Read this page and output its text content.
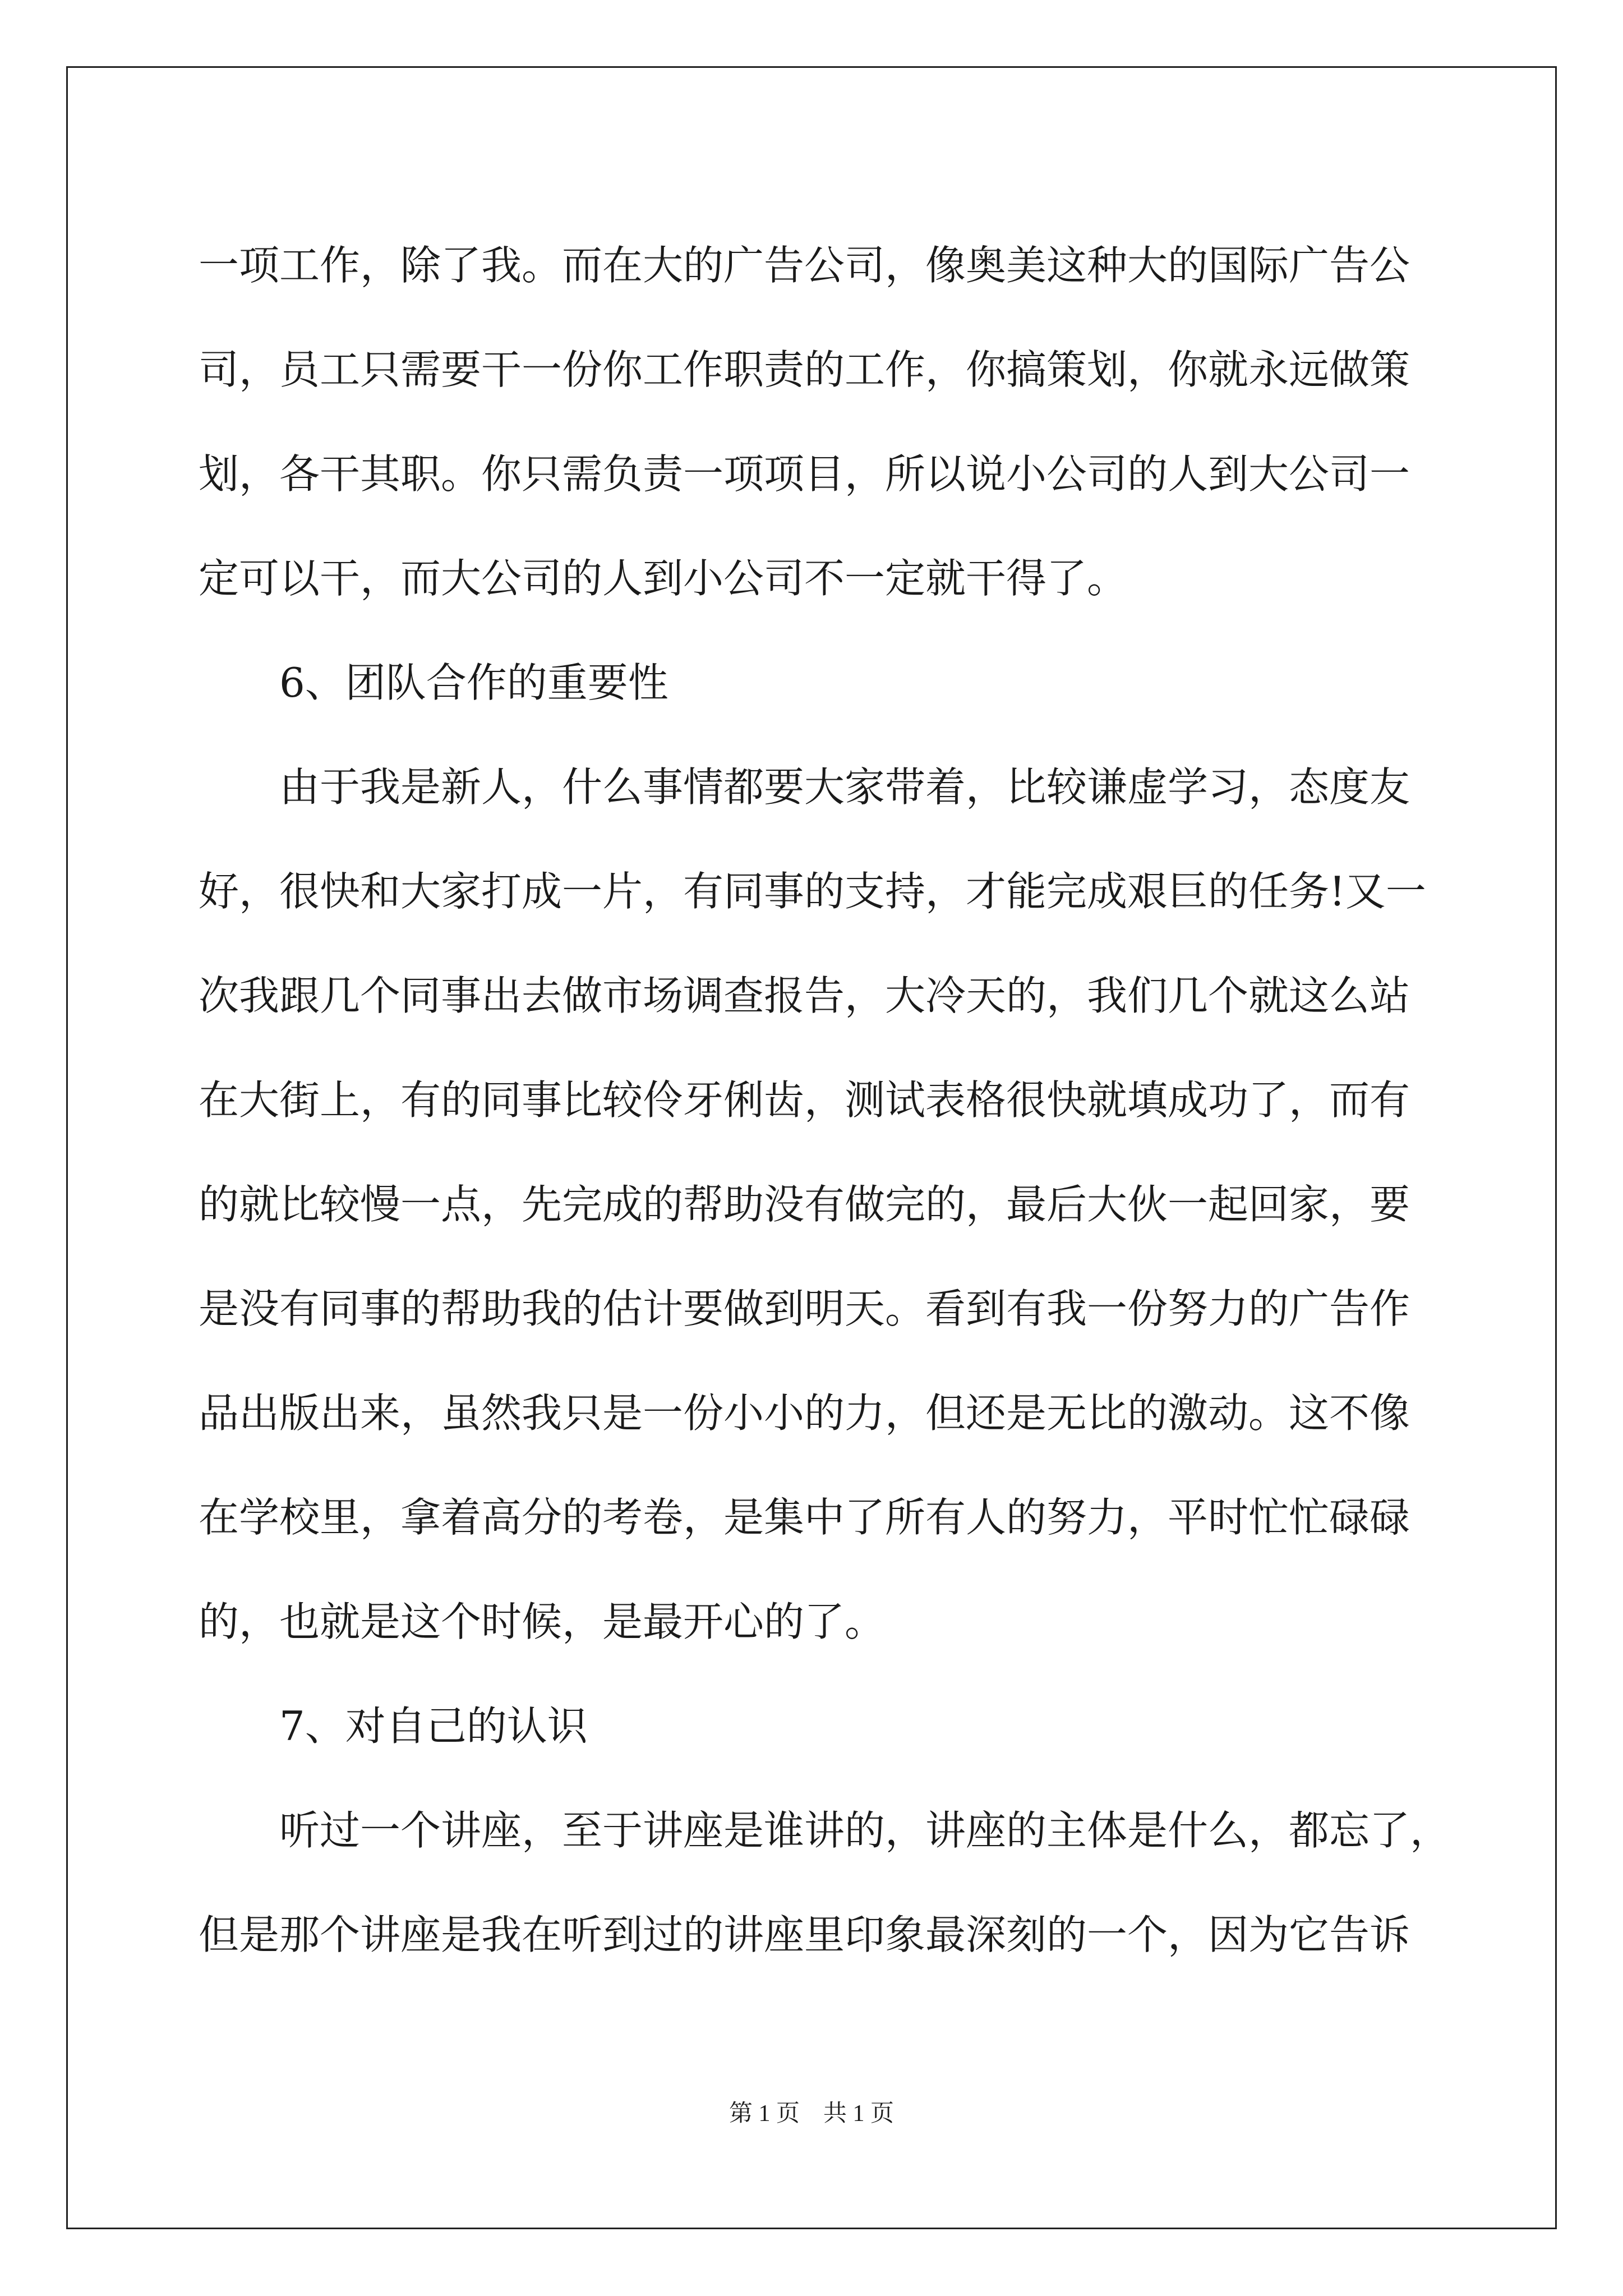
一项工作，除了我。而在大的广告公司，像奥美这种大的国际广告公
司，员工只需要干一份你工作职责的工作，你搞策划，你就永远做策
划，各干其职。你只需负责一项项目，所以说小公司的人到大公司一
定可以干，而大公司的人到小公司不一定就干得了。
6、团队合作的重要性
由于我是新人，什么事情都要大家带着，比较谦虚学习，态度友
好，很快和大家打成一片，有同事的支持，才能完成艰巨的任务!又一
次我跟几个同事出去做市场调查报告，大冷天的，我们几个就这么站
在大街上，有的同事比较伶牙俐齿，测试表格很快就填成功了，而有
的就比较慢一点，先完成的帮助没有做完的，最后大伙一起回家，要
是没有同事的帮助我的估计要做到明天。看到有我一份努力的广告作
品出版出来，虽然我只是一份小小的力，但还是无比的激动。这不像
在学校里，拿着高分的考卷，是集中了所有人的努力，平时忙忙碌碌
的，也就是这个时候，是最开心的了。
7、对自己的认识
听过一个讲座，至于讲座是谁讲的，讲座的主体是什么，都忘了，
但是那个讲座是我在听到过的讲座里印象最深刻的一个，因为它告诉
第 1 页　共 1 页
